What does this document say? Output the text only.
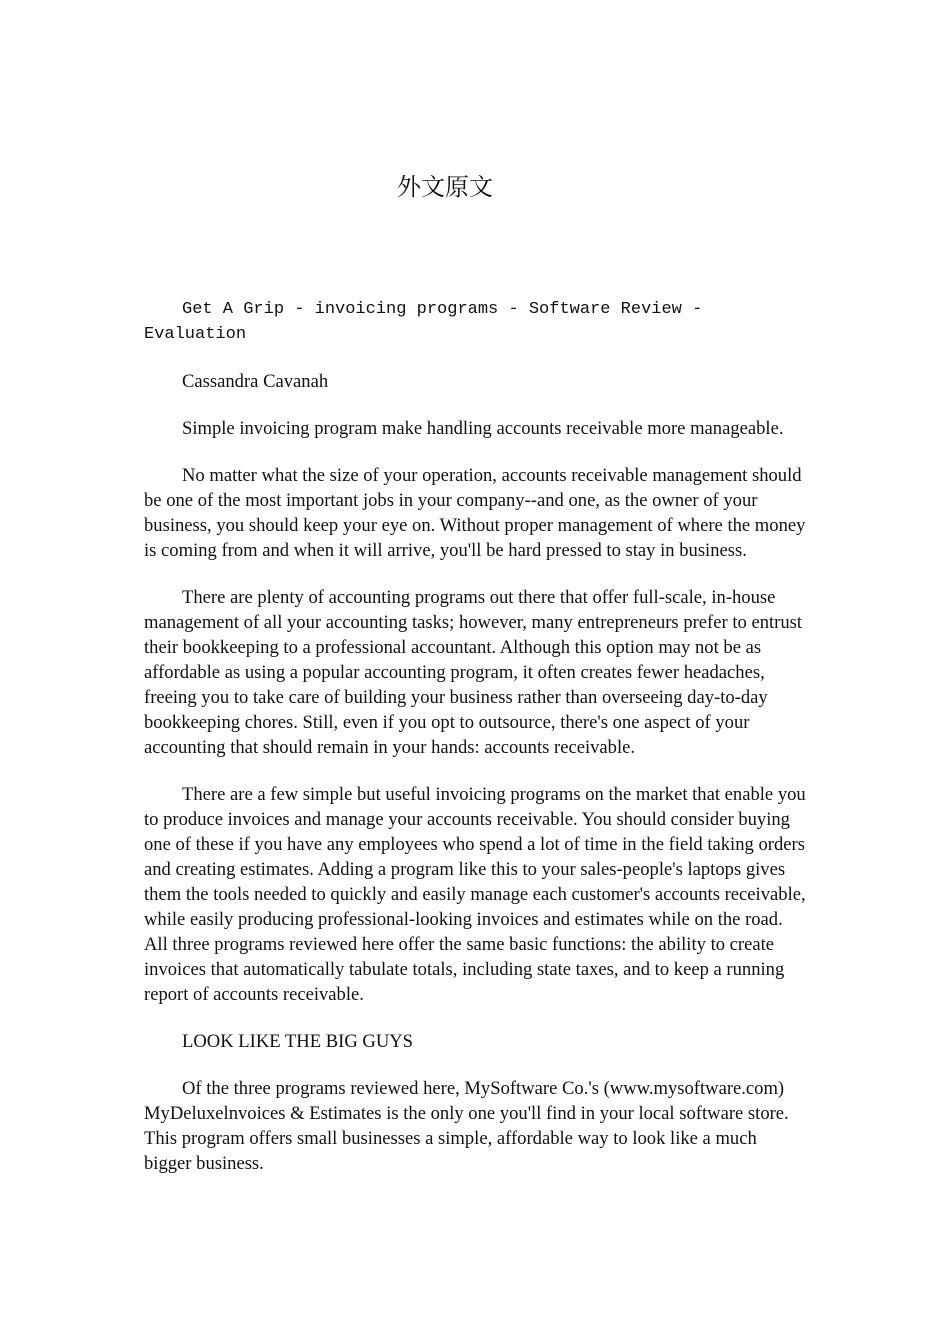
外文原文

Get A Grip - invoicing programs - Software Review - Evaluation

Cassandra Cavanah

Simple invoicing program make handling accounts receivable more manageable.

No matter what the size of your operation, accounts receivable management should be one of the most important jobs in your company--and one, as the owner of your business, you should keep your eye on. Without proper management of where the money is coming from and when it will arrive, you'll be hard pressed to stay in business.

There are plenty of accounting programs out there that offer full-scale, in-house management of all your accounting tasks; however, many entrepreneurs prefer to entrust their bookkeeping to a professional accountant. Although this option may not be as affordable as using a popular accounting program, it often creates fewer headaches, freeing you to take care of building your business rather than overseeing day-to-day bookkeeping chores. Still, even if you opt to outsource, there's one aspect of your accounting that should remain in your hands: accounts receivable.

There are a few simple but useful invoicing programs on the market that enable you to produce invoices and manage your accounts receivable. You should consider buying one of these if you have any employees who spend a lot of time in the field taking orders and creating estimates. Adding a program like this to your sales-people's laptops gives them the tools needed to quickly and easily manage each customer's accounts receivable, while easily producing professional-looking invoices and estimates while on the road. All three programs reviewed here offer the same basic functions: the ability to create invoices that automatically tabulate totals, including state taxes, and to keep a running report of accounts receivable.

LOOK LIKE THE BIG GUYS

Of the three programs reviewed here, MySoftware Co.'s (www.mysoftware.com) MyDeluxelnvoices & Estimates is the only one you'll find in your local software store. This program offers small businesses a simple, affordable way to look like a much bigger business.
